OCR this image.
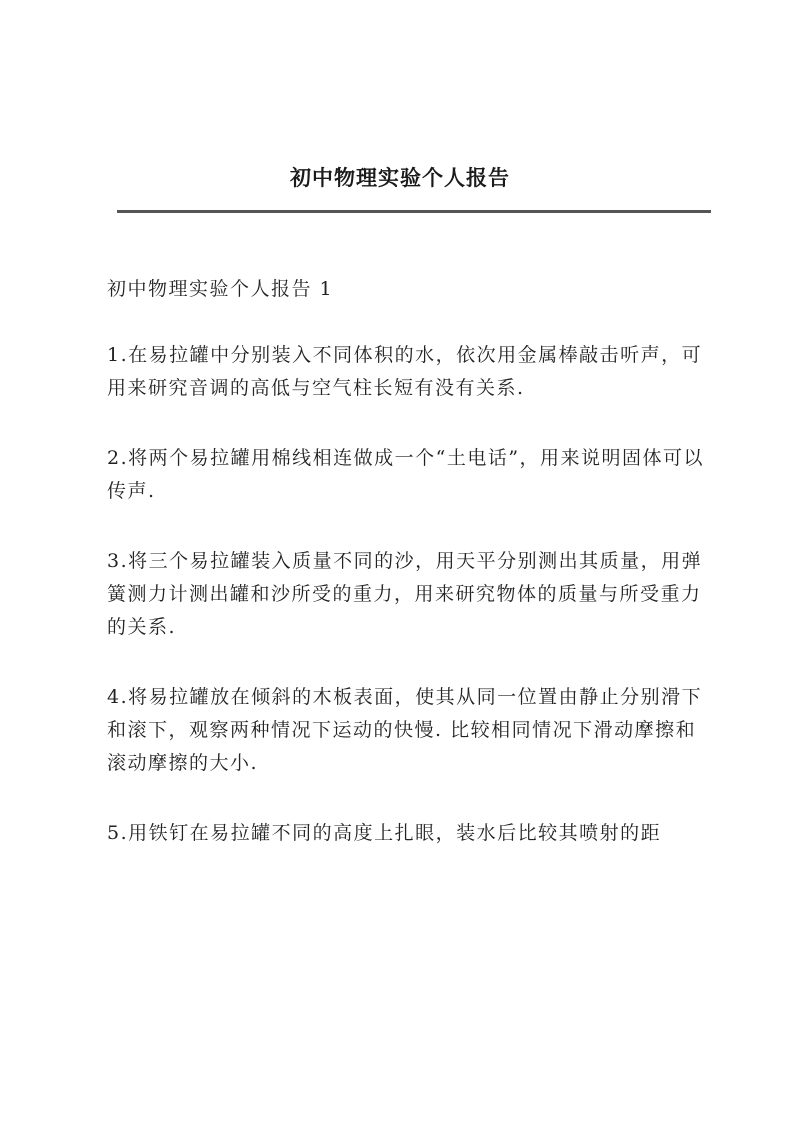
初中物理实验个人报告
初中物理实验个人报告 1

1.在易拉罐中分别装入不同体积的水，依次用金属棒敲击听声，可用来研究音调的高低与空气柱长短有没有关系.

2.将两个易拉罐用棉线相连做成一个“土电话”，用来说明固体可以传声.

3.将三个易拉罐装入质量不同的沙，用天平分别测出其质量，用弹簧测力计测出罐和沙所受的重力，用来研究物体的质量与所受重力的关系.

4.将易拉罐放在倾斜的木板表面，使其从同一位置由静止分别滑下和滚下，观察两种情况下运动的快慢. 比较相同情况下滑动摩擦和滚动摩擦的大小.

5.用铁钉在易拉罐不同的高度上扎眼，装水后比较其喷射的距
